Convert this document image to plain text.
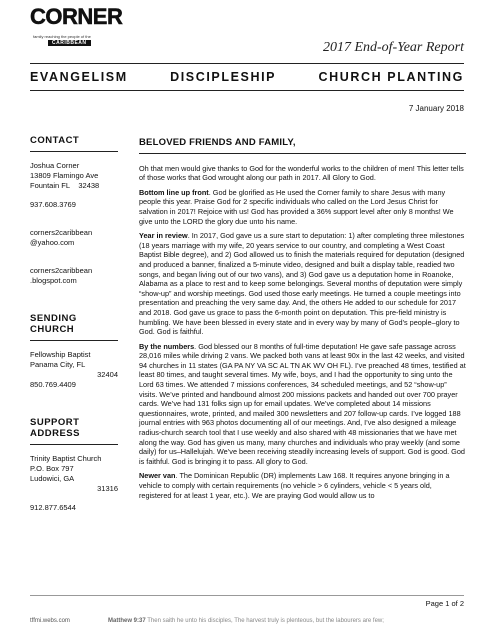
CORNER
family reaching the people of the
CARIBBEAN	2017 End-of-Year Report
EVANGELISM	DISCIPLESHIP	CHURCH PLANTING
7 January 2018
CONTACT

Joshua Corner

13809 Flamingo Ave

Fountain FL 32438

937.608.3769

corners2caribbean

@yahoo.com

corners2caribbean

.blogspot.com

SENDING
CHURCH

Fellowship Baptist

Panama City, FL

32404

850.769.4409

SUPPORT
ADDRESS

Trinity Baptist Church

P.O. Box 797

Ludowici, GA

31316

912.877.6544

BELOVED FRIENDS AND FAMILY,

Oh that men would give thanks to God for the wonderful works to the children of men! This letter tells of those works that God wrought along our path in 2017. All Glory to God.

Bottom line up front. God be glorified as He used the Corner family to share Jesus with many people this year. Praise God for 2 specific individuals who called on the Lord Jesus Christ for salvation in 2017! Rejoice with us! God has provided a 36% support level after only 8 months! We give unto the LORD the glory due unto his name.

Year in review. In 2017, God gave us a sure start to deputation: 1) after completing three milestones (18 years marriage with my wife, 20 years service to our country, and completing a West Coast Baptist Bible degree), and 2) God allowed us to finish the materials required for deputation (designed and produced a banner, finalized a 5-minute video, designed and built a display table, readied two songs, and began living out of our two vans), and 3) God gave us a deputation home in Roanoke, Alabama as a place to rest and to keep some belongings. Several months of deputation were simply “show-up” and worship meetings. God used those early meetings. He turned a couple meetings into presentation and preaching the very same day. And, the others He added to our schedule for 2017 and 2018. God gave us grace to pass the 6-month point on deputation. This pre-field ministry is humbling. We have been blessed in every state and in every way by many of God’s people–glory to God. God is faithful.

By the numbers. God blessed our 8 months of full-time deputation! He gave safe passage across 28,016 miles while driving 2 vans. We packed both vans at least 90x in the last 42 weeks, and visited 94 churches in 11 states (GA PA NY VA SC AL TN AK WV OH FL). I’ve preached 48 times, testified at least 80 times, and taught several times. My wife, boys, and I had the opportunity to sing unto the Lord 63 times. We attended 7 missions conferences, 34 scheduled meetings, and 52 “show-up” visits. We’ve printed and handbound almost 200 missions packets and handed out over 700 prayer cards. We’ve had 131 folks sign up for email updates. We’ve completed about 14 missions questionnaires, wrote, printed, and mailed 300 newsletters and 207 follow-up cards. I’ve logged 188 journal entries with 963 photos documenting all of our meetings. And, I’ve also designed a mileage radius-church search tool that I use weekly and also shared with 48 missionaries that we have met along the way. God has given us many, many churches and individuals who pray weekly (and some daily) for us–Hallelujah. We’ve been receiving steadily increasing levels of support. God is good. God is faithful. God is bringing it to pass. All glory to God.

Newer van. The Dominican Republic (DR) implements Law 168. It requires anyone bringing in a vehicle to comply with certain requirements (no vehicle > 6 cylinders, vehicle < 5 years old, registered for at least 1 year, etc.). We are praying God would allow us to

Page 1 of 2
tffmi.webs.com	Matthew 9:37 Then saith he unto his disciples, The harvest truly is plenteous, but the labourers are few;
